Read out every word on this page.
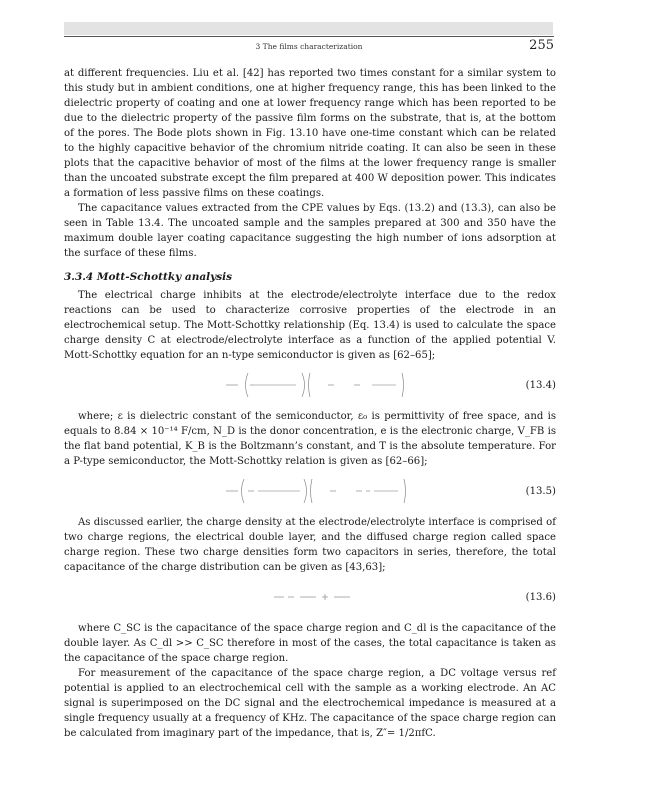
3 The films characterization	255

at different frequencies. Liu et al. [42] has reported two times constant for a similar system to this study but in ambient conditions, one at higher frequency range, this has been linked to the dielectric property of coating and one at lower frequency range which has been reported to be due to the dielectric property of the passive film forms on the substrate, that is, at the bottom of the pores. The Bode plots shown in Fig. 13.10 have one-time constant which can be related to the highly capacitive behavior of the chromium nitride coating. It can also be seen in these plots that the capacitive behavior of most of the films at the lower frequency range is smaller than the uncoated substrate except the film prepared at 400 W deposition power. This indicates a formation of less passive films on these coatings.

The capacitance values extracted from the CPE values by Eqs. (13.2) and (13.3), can also be seen in Table 13.4. The uncoated sample and the samples prepared at 300 and 350 have the maximum double layer coating capacitance suggesting the high number of ions adsorption at the surface of these films.

3.3.4 Mott-Schottky analysis

The electrical charge inhibits at the electrode/electrolyte interface due to the redox reactions can be used to characterize corrosive properties of the electrode in an electrochemical setup. The Mott-Schottky relationship (Eq. 13.4) is used to calculate the space charge density C at electrode/electrolyte interface as a function of the applied potential V. Mott-Schottky equation for an n-type semiconductor is given as [62–65];

(13.4)

where; ε is dielectric constant of the semiconductor, ε₀ is permittivity of free space, and is equals to 8.84 × 10⁻¹⁴ F/cm, N_D is the donor concentration, e is the electronic charge, V_FB is the flat band potential, K_B is the Boltzmann’s constant, and T is the absolute temperature. For a P-type semiconductor, the Mott-Schottky relation is given as [62–66];

(13.5)

As discussed earlier, the charge density at the electrode/electrolyte interface is comprised of two charge regions, the electrical double layer, and the diffused charge region called space charge region. These two charge densities form two capacitors in series, therefore, the total capacitance of the charge distribution can be given as [43,63];

(13.6)

where C_SC is the capacitance of the space charge region and C_dl is the capacitance of the double layer. As C_dl >> C_SC therefore in most of the cases, the total capacitance is taken as the capacitance of the space charge region.

For measurement of the capacitance of the space charge region, a DC voltage versus ref potential is applied to an electrochemical cell with the sample as a working electrode. An AC signal is superimposed on the DC signal and the electrochemical impedance is measured at a single frequency usually at a frequency of KHz. The capacitance of the space charge region can be calculated from imaginary part of the impedance, that is, Z″= 1/2πfC.
